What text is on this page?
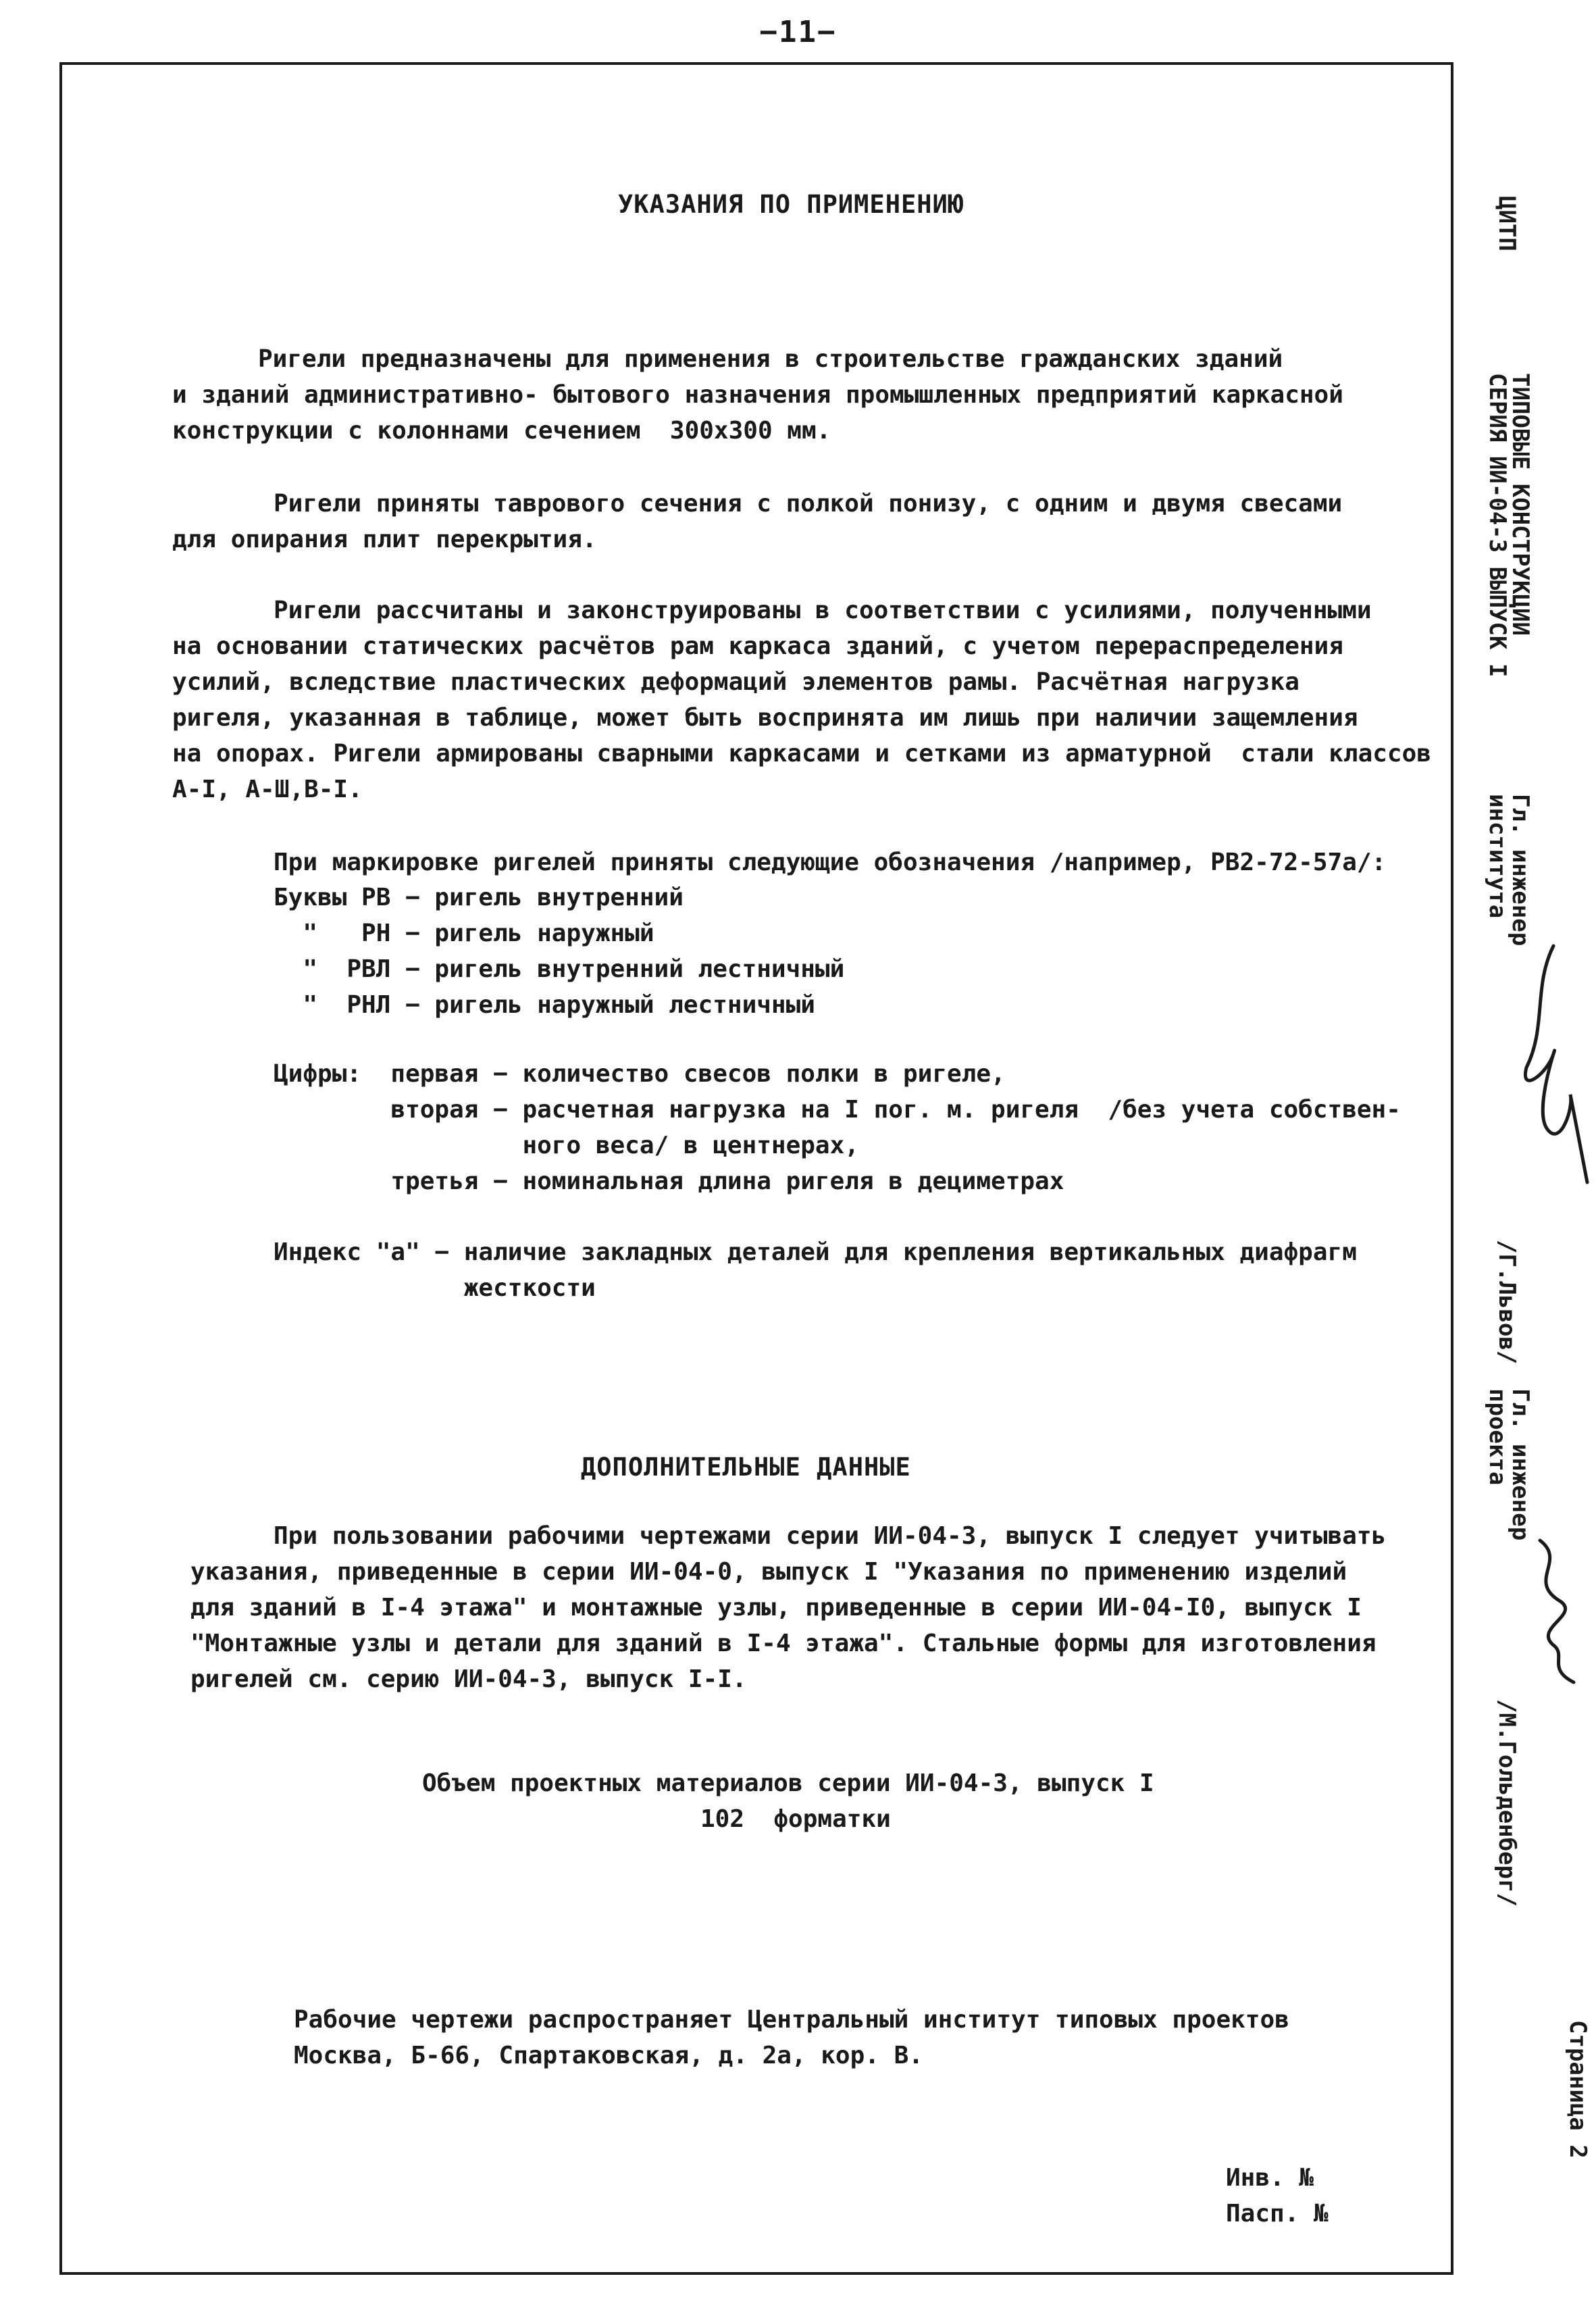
−11−
УКАЗАНИЯ ПО ПРИМЕНЕНИЮ
Ригели предназначены для применения в строительстве гражданских зданий
и зданий административно- бытового назначения промышленных предприятий каркасной
конструкции с колоннами сечением  300х300 мм.
Ригели приняты таврового сечения с полкой понизу, с одним и двумя свесами
для опирания плит перекрытия.
Ригели рассчитаны и законструированы в соответствии с усилиями, полученными
на основании статических расчётов рам каркаса зданий, с учетом перераспределения
усилий, вследствие пластических деформаций элементов рамы. Расчётная нагрузка
ригеля, указанная в таблице, может быть воспринята им лишь при наличии защемления
на опорах. Ригели армированы сварными каркасами и сетками из арматурной  стали классов
А-I, А-Ш,В-I.
При маркировке ригелей приняты следующие обозначения /например, РВ2-72-57а/:
Буквы РВ − ригель внутренний
"   РН − ригель наружный
"  РВЛ − ригель внутренний лестничный
"  РНЛ − ригель наружный лестничный
Цифры:  первая − количество свесов полки в ригеле,
вторая − расчетная нагрузка на I пог. м. ригеля  /без учета собствен-
ного веса/ в центнерах,
третья − номинальная длина ригеля в дециметрах
Индекс "а" − наличие закладных деталей для крепления вертикальных диафрагм
жесткости
ДОПОЛНИТЕЛЬНЫЕ ДАННЫЕ
При пользовании рабочими чертежами серии ИИ-04-3, выпуск I следует учитывать
указания, приведенные в серии ИИ-04-0, выпуск I "Указания по применению изделий
для зданий в I-4 этажа" и монтажные узлы, приведенные в серии ИИ-04-I0, выпуск I
"Монтажные узлы и детали для зданий в I-4 этажа". Стальные формы для изготовления
ригелей см. серию ИИ-04-3, выпуск I-I.
Объем проектных материалов серии ИИ-04-3, выпуск I
102  форматки
Рабочие чертежи распространяет Центральный институт типовых проектов
Москва, Б-66, Спартаковская, д. 2а, кор. В.
Инв. №
Пасп. №
ЦИТП
ТИПОВЫЕ КОНСТРУКЦИИ
СЕРИЯ ИИ-04-3 ВЫПУСК I
Гл. инженер
института
/Г.Львов/
Гл. инженер
проекта
/М.Гольденберг/
Страница 2
